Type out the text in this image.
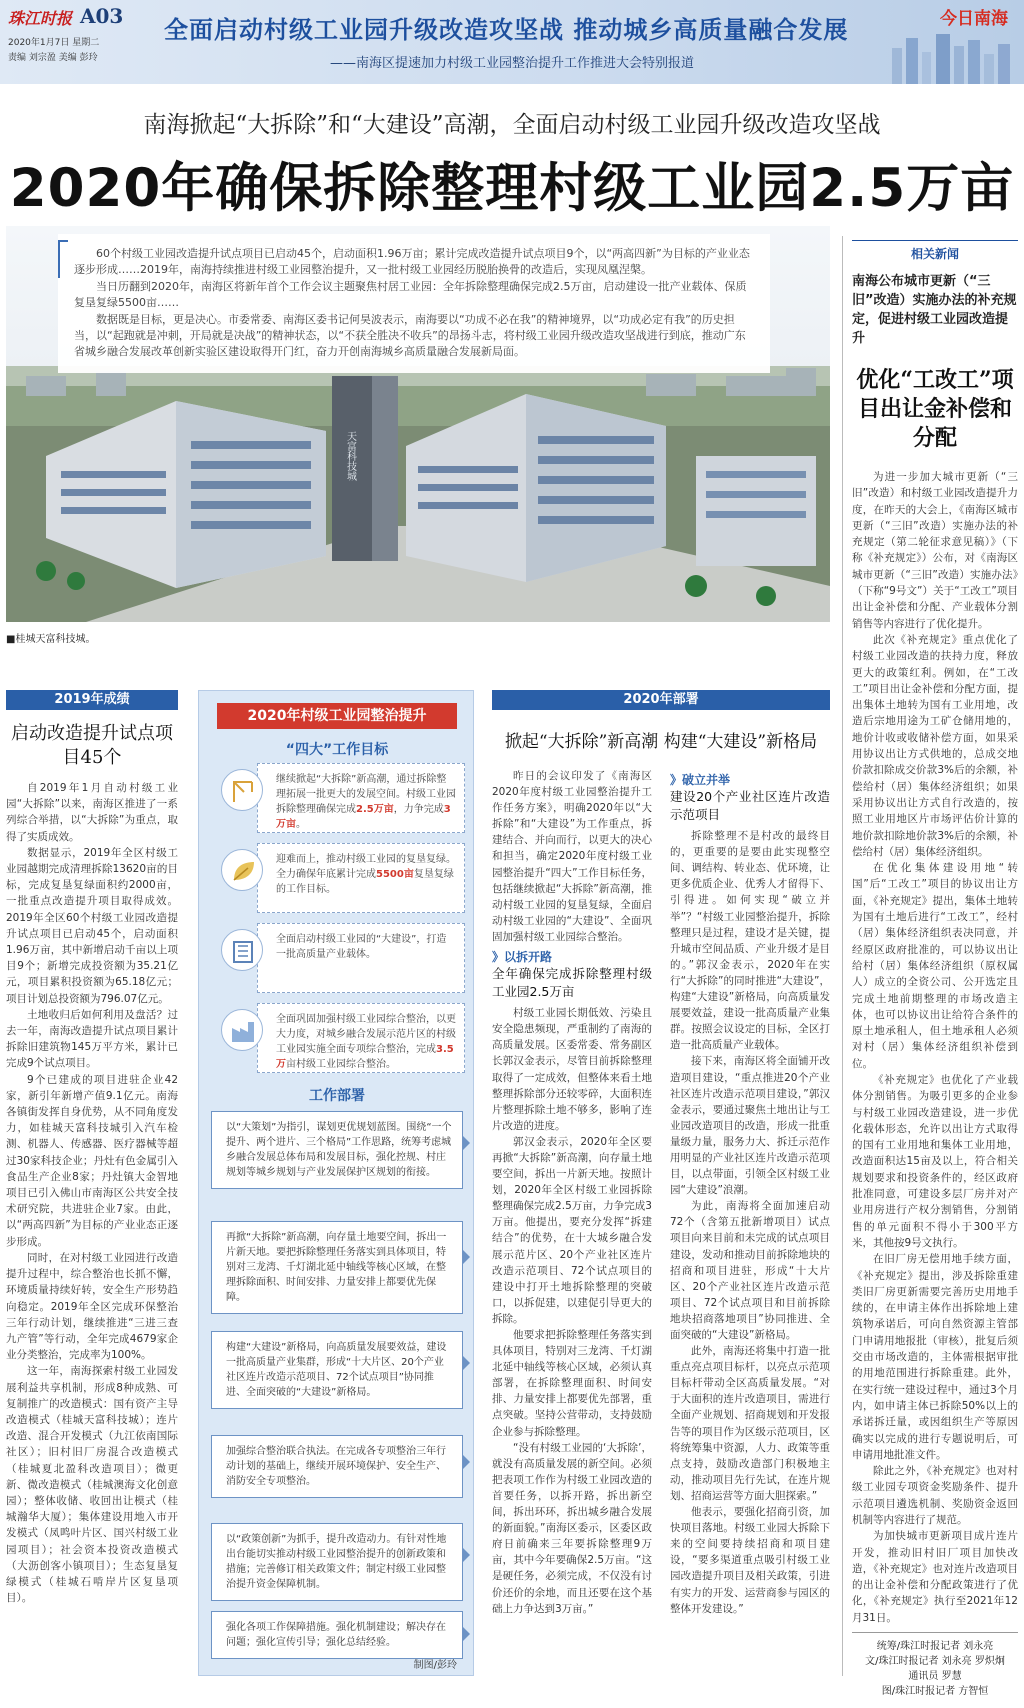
珠江时报 A03
2020年1月7日 星期二
责编 刘宗盈 美编 彭玲
全面启动村级工业园升级改造攻坚战 推动城乡高质量融合发展
——南海区提速加力村级工业园整治提升工作推进大会特别报道
今日南海
南海掀起“大拆除”和“大建设”高潮，全面启动村级工业园升级改造攻坚战
2020年确保拆除整理村级工业园2.5万亩
天富科技城

60个村级工业园改造提升试点项目已启动45个，启动面积1.96万亩；累计完成改造提升试点项目9个，以“两高四新”为目标的产业业态逐步形成……2019年，南海持续推进村级工业园整治提升，又一批村级工业园经历脱胎换骨的改造后，实现凤凰涅槃。

当日历翻到2020年，南海区将新年首个工作会议主题聚焦村居工业园：全年拆除整理确保完成2.5万亩，启动建设一批产业载体、保质复垦复绿5500亩……

数据既是目标，更是决心。市委常委、南海区委书记何昊波表示，南海要以“功成不必在我”的精神境界，以“功成必定有我”的历史担当，以“起跑就是冲刺，开局就是决战”的精神状态，以“不获全胜决不收兵”的昂扬斗志，将村级工业园升级改造攻坚战进行到底，推动广东省城乡融合发展改革创新实验区建设取得开门红，奋力开创南海城乡高质量融合发展新局面。

■桂城天富科技城。
相关新闻
南海公布城市更新（“三旧”改造）实施办法的补充规定，促进村级工业园改造提升
优化“工改工”项目出让金补偿和分配

为进一步加大城市更新（“三旧”改造）和村级工业园改造提升力度，在昨天的大会上，《南海区城市更新（“三旧”改造）实施办法的补充规定（第二轮征求意见稿）》（下称《补充规定》）公布，对《南海区城市更新（“三旧”改造）实施办法》（下称“9号文”）关于“工改工”项目出让金补偿和分配、产业载体分割销售等内容进行了优化提升。

此次《补充规定》重点优化了村级工业园改造的扶持力度，释放更大的政策红利。例如，在“工改工”项目出让金补偿和分配方面，提出集体土地转为国有工业用地，改造后宗地用途为工矿仓储用地的，地价计收或收储补偿方面，如果采用协议出让方式供地的，总成交地价款扣除成交价款3%后的余额，补偿给村（居）集体经济组织；如果采用协议出让方式自行改造的，按照工业用地区片市场评估价计算的地价款扣除地价款3%后的余额，补偿给村（居）集体经济组织。

在优化集体建设用地“转国”后“工改工”项目的协议出让方面，《补充规定》提出，集体土地转为国有土地后进行“工改工”，经村（居）集体经济组织表决同意，并经原区政府批准的，可以协议出让给村（居）集体经济组织（原权属人）成立的全资公司、公开选定且完成土地前期整理的市场改造主体，也可以协议出让给符合条件的原土地承租人，但土地承租人必须对村（居）集体经济组织补偿到位。

《补充规定》也优化了产业载体分割销售。为吸引更多的企业参与村级工业园改造建设，进一步优化载体形态，允许以出让方式取得的国有工业用地和集体工业用地，改造面积达15亩及以上，符合相关规划要求和投资条件的，经区政府批准同意，可建设多层厂房并对产业用房进行产权分割销售，分割销售的单元面积不得小于300平方米，其他按9号文执行。

在旧厂房无偿用地手续方面，《补充规定》提出，涉及拆除重建类旧厂房更新需要完善历史用地手续的，在申请主体作出拆除地上建筑物承诺后，可向自然资源主管部门申请用地报批（审核），批复后须交由市场改造的，主体需根据审批的用地范围进行拆除重建。此外，在实行统一建设过程中，通过3个月内，如申请主体已拆除50%以上的承诺拆迁量，或因组织生产等原因确实以完成的进行专题说明后，可申请用地批准文件。

除此之外，《补充规定》也对村级工业园专项资金奖励条件、提升示范项目遴选机制、奖励资金返回机制等内容进行了规范。

为加快城市更新项目成片连片开发，推动旧村旧厂项目加快改造，《补充规定》也对连片改造项目的出让金补偿和分配政策进行了优化，《补充规定》执行至2021年12月31日。

统筹/珠江时报记者 刘永亮
文/珠江时报记者 刘永亮 罗炽炯
通讯员 罗慧
图/珠江时报记者 方智恒
2019年成绩
启动改造提升试点项目45个

自2019年1月自动村级工业园“大拆除”以来，南海区推进了一系列综合举措，以“大拆除”为重点，取得了实质成效。

数据显示，2019年全区村级工业园越期完成清理拆除13620亩的目标，完成复垦复绿面积约2000亩，一批重点改造提升项目取得成效。2019年全区60个村级工业园改造提升试点项目已启动45个，启动面积1.96万亩，其中新增启动千亩以上项目9个；新增完成投资额为35.21亿元，项目累积投资额为65.18亿元；项目计划总投资额为796.07亿元。

土地收归后如何利用及盘活？过去一年，南海改造提升试点项目累计拆除旧建筑物145万平方米，累计已完成9个试点项目。

9个已建成的项目进驻企业42家，新引年新增产值9.1亿元。南海各镇街发挥自身优势，从不同角度发力，如桂城天富科技城引入汽车检测、机器人、传感器、医疗器械等超过30家科技企业；丹灶有色金属引入食品生产企业8家；丹灶镇大金智地项目已引入佛山市南海区公共安全技术研究院，共进驻企业7家。由此，以“两高四新”为目标的产业业态正逐步形成。

同时，在对村级工业园进行改造提升过程中，综合整治也长抓不懈，环境质量持续好转，安全生产形势趋向稳定。2019年全区完成环保整治三年行动计划，继续推进“三进三查九产管”等行动，全年完成4679家企业分类整治，完成率为100%。

这一年，南海探索村级工业园发展利益共享机制，形成8种成熟、可复制推广的改造模式：国有资产主导改造模式（桂城天富科技城）；连片改造、混合开发模式（九江依南国际社区）；旧村旧厂房混合改造模式（桂城夏北盈科改造项目）；微更新、微改造模式（桂城澳海文化创意园）；整体收储、收回出让模式（桂城瀚华大厦）；集体建设用地入市开发模式（凤鸣叶片区、国兴村级工业园项目）；社会资本投资改造模式（大沥创客小镇项目）；生态复垦复绿模式（桂城石啃岸片区复垦项目）。

2020年村级工业园整治提升
“四大”工作目标
继续掀起“大拆除”新高潮，通过拆除整理拓展一批更大的发展空间。村级工业园拆除整理确保完成2.5万亩，力争完成3万亩。
迎难而上，推动村级工业园的复垦复绿。全力确保年底累计完成5500亩复垦复绿的工作目标。
全面启动村级工业园的“大建设”，打造一批高质量产业载体。
全面巩固加强村级工业园综合整治，以更大力度，对城乡融合发展示范片区的村级工业园实施全面专项综合整治，完成3.5万亩村级工业园综合整治。
工作部署
以“大策划”为指引，谋划更优规划蓝图。围绕“一个提升、两个进片、三个格局”工作思路，统筹考虑城乡融合发展总体布局和发展目标，强化控规、村庄规划等城乡规划与产业发展保护区规划的衔接。
再掀“大拆除”新高潮，向存量土地要空间，拆出一片新天地。要把拆除整理任务落实到具体项目，特别对三龙湾、千灯湖北延中轴线等核心区域，在整理拆除面积、时间安排、力量安排上都要优先保障。
构建“大建设”新格局，向高质量发展要效益，建设一批高质量产业集群，形成“十大片区、20个产业社区连片改造示范项目、72个试点项目”协同推进、全面突破的“大建设”新格局。
加强综合整治联合执法。在完成各专项整治三年行动计划的基础上，继续开展环境保护、安全生产、消防安全专项整治。
以“政策创新”为抓手，提升改造动力。有针对性地出台能切实推动村级工业园整治提升的创新政策和措施；完善修订相关政策文件；制定村级工业园整治提升资金保障机制。
强化各项工作保障措施。强化机制建设；解决存在问题；强化宣传引导；强化总结经验。
制图/彭玲
2020年部署
掀起“大拆除”新高潮 构建“大建设”新格局

昨日的会议印发了《南海区2020年度村级工业园整治提升工作任务方案》，明确2020年以“大拆除”和“大建设”为工作重点，拆建结合、并向而行，以更大的决心和担当，确定2020年度村级工业园整治提升“四大”工作目标任务，包括继续掀起“大拆除”新高潮，推动村级工业园的复垦复绿，全面启动村级工业园的“大建设”、全面巩固加强村级工业园综合整治。

》以拆开路
全年确保完成拆除整理村级工业园2.5万亩

村级工业园长期低效、污染且安全隐患频现，严重制约了南海的高质量发展。区委常委、常务副区长郭汉金表示，尽管目前拆除整理取得了一定成效，但整体来看土地整理拆除部分还较零碎，大面积连片整理拆除土地不够多，影响了连片改造的进度。

郭汉金表示，2020年全区要再掀“大拆除”新高潮，向存量土地要空间，拆出一片新天地。按照计划，2020年全区村级工业园拆除整理确保完成2.5万亩，力争完成3万亩。他提出，要充分发挥“拆建结合”的优势，在十大城乡融合发展示范片区、20个产业社区连片改造示范项目、72个试点项目的建设中打开土地拆除整理的突破口，以拆促建，以建促引导更大的拆除。

他要求把拆除整理任务落实到具体项目，特别对三龙湾、千灯湖北延中轴线等核心区域，必须认真部署，在拆除整理面积、时间安排、力量安排上都要优先部署，重点突破。坚持公营带动，支持鼓励企业参与拆除整理。

“没有村级工业园的‘大拆除’，就没有高质量发展的新空间。必须把表项工作作为村级工业园改造的首要任务，以拆开路，拆出新空间，拆出环环，拆出城乡融合发展的新面貌。”南海区委示，区委区政府日前确来三年要拆除整理9万亩，其中今年要确保2.5万亩。“这是硬任务，必须完成，不仅没有讨价还价的余地，而且还要在这个基础上力争达到3万亩。”

》破立并举
建设20个产业社区连片改造示范项目

拆除整理不是村改的最终目的，更重要的是要由此实现整空间、调结构、转业态、优环境，让更多优质企业、优秀人才留得下、引得进。如何实现“破立并举”？“村级工业园整治提升，拆除整理只是过程，建设才是关键，提升城市空间品质、产业升级才是目的。”郭汉金表示，2020年在实行“大拆除”的同时推进“大建设”，构建“大建设”新格局，向高质量发展要效益，建设一批高质量产业集群。按照会议设定的目标，全区打造一批高质量产业载体。

接下来，南海区将全面铺开改造项目建设，“重点推进20个产业社区连片改造示范项目建设，”郭汉金表示，要通过聚焦土地出让与工业园改造项目的改造，形成一批重量级力量，服务力大、拆迁示范作用明显的产业社区连片改造示范项目，以点带面，引领全区村级工业园“大建设”浪潮。

为此，南海将全面加速启动72个（含第五批新增项目）试点项目向来目前和未完成的试点项目建设，发动和推动目前拆除地块的招商和项目进驻，形成“十大片区、20个产业社区连片改造示范项目、72个试点项目和目前拆除地块招商落地项目”协同推进、全面突破的“大建设”新格局。

此外，南海还将集中打造一批重点亮点项目标杆，以亮点示范项目标杆带动全区高质量发展。“对于大面积的连片改造项目，需进行全面产业规划、招商规划和开发报告等的项目作为区级示范项目，区将统筹集中资源，人力、政策等重点支持，鼓励改造部门积极地主动，推动项目先行先试，在连片规划、招商运营等方面大胆探索。”

他表示，要强化招商引资，加快项目落地。村级工业园大拆除下来的空间要持续招商和项目建设，“要多渠道重点吸引村级工业园改造提升项目及相关政策，引进有实力的开发、运营商参与园区的整体开发建设。”
